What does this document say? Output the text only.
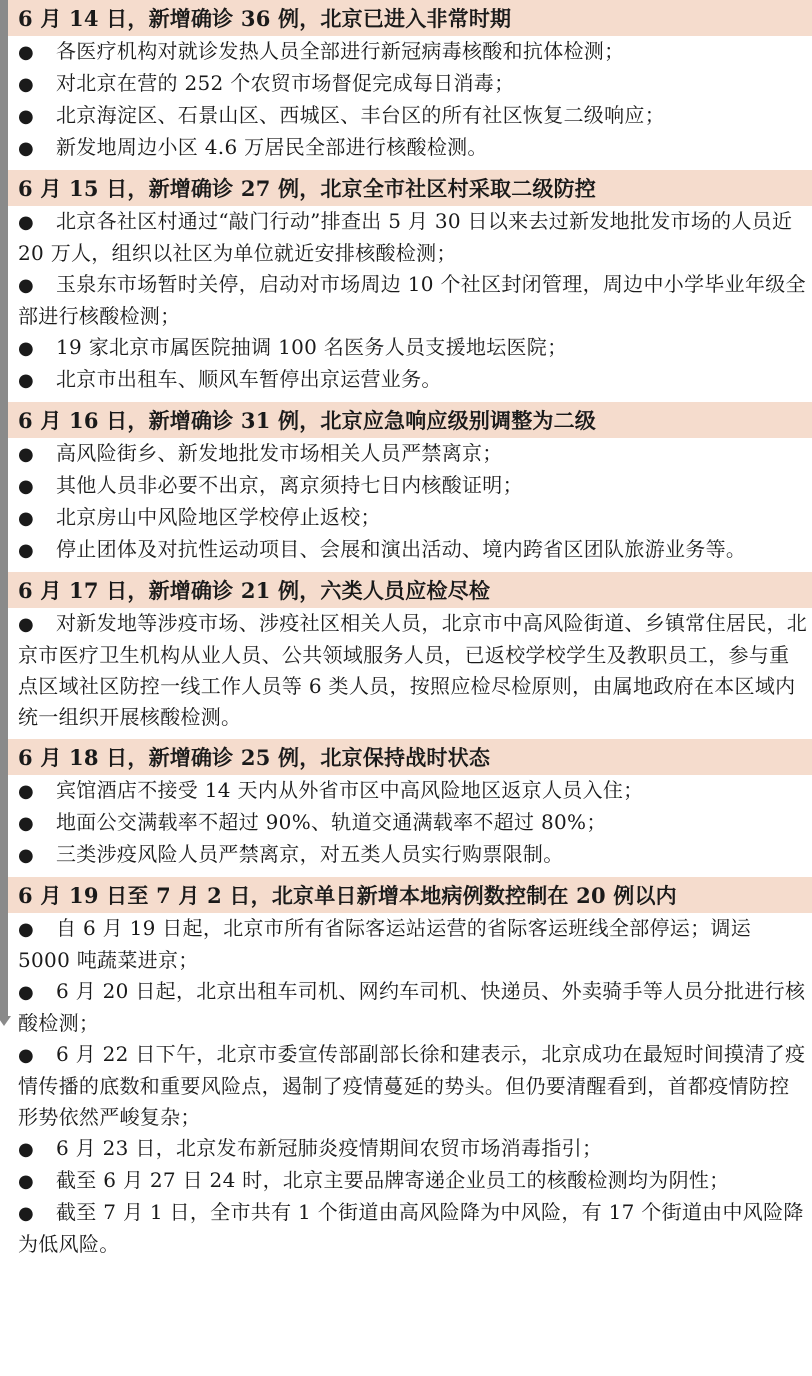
6 月 14 日，新增确诊 36 例，北京已进入非常时期
● 各医疗机构对就诊发热人员全部进行新冠病毒核酸和抗体检测；
● 对北京在营的 252 个农贸市场督促完成每日消毒；
● 北京海淀区、石景山区、西城区、丰台区的所有社区恢复二级响应；
● 新发地周边小区 4.6 万居民全部进行核酸检测。
6 月 15 日，新增确诊 27 例，北京全市社区村采取二级防控
● 北京各社区村通过“敲门行动”排查出 5 月 30 日以来去过新发地批发市场的人员近 20 万人，组织以社区为单位就近安排核酸检测；
● 玉泉东市场暂时关停，启动对市场周边 10 个社区封闭管理，周边中小学毕业年级全部进行核酸检测；
● 19 家北京市属医院抽调 100 名医务人员支援地坛医院；
● 北京市出租车、顺风车暂停出京运营业务。
6 月 16 日，新增确诊 31 例，北京应急响应级别调整为二级
● 高风险街乡、新发地批发市场相关人员严禁离京；
● 其他人员非必要不出京，离京须持七日内核酸证明；
● 北京房山中风险地区学校停止返校；
● 停止团体及对抗性运动项目、会展和演出活动、境内跨省区团队旅游业务等。
6 月 17 日，新增确诊 21 例，六类人员应检尽检
● 对新发地等涉疫市场、涉疫社区相关人员，北京市中高风险街道、乡镇常住居民，北京市医疗卫生机构从业人员、公共领域服务人员，已返校学校学生及教职员工，参与重点区域社区防控一线工作人员等 6 类人员，按照应检尽检原则，由属地政府在本区域内统一组织开展核酸检测。
6 月 18 日，新增确诊 25 例，北京保持战时状态
● 宾馆酒店不接受 14 天内从外省市区中高风险地区返京人员入住；
● 地面公交满载率不超过 90%、轨道交通满载率不超过 80%；
● 三类涉疫风险人员严禁离京，对五类人员实行购票限制。
6 月 19 日至 7 月 2 日，北京单日新增本地病例数控制在 20 例以内
● 自 6 月 19 日起，北京市所有省际客运站运营的省际客运班线全部停运；调运 5000 吨蔬菜进京；
● 6 月 20 日起，北京出租车司机、网约车司机、快递员、外卖骑手等人员分批进行核酸检测；
● 6 月 22 日下午，北京市委宣传部副部长徐和建表示，北京成功在最短时间摸清了疫情传播的底数和重要风险点，遏制了疫情蔓延的势头。但仍要清醒看到，首都疫情防控形势依然严峻复杂；
● 6 月 23 日，北京发布新冠肺炎疫情期间农贸市场消毒指引；
● 截至 6 月 27 日 24 时，北京主要品牌寄递企业员工的核酸检测均为阴性；
● 截至 7 月 1 日，全市共有 1 个街道由高风险降为中风险，有 17 个街道由中风险降为低风险。
